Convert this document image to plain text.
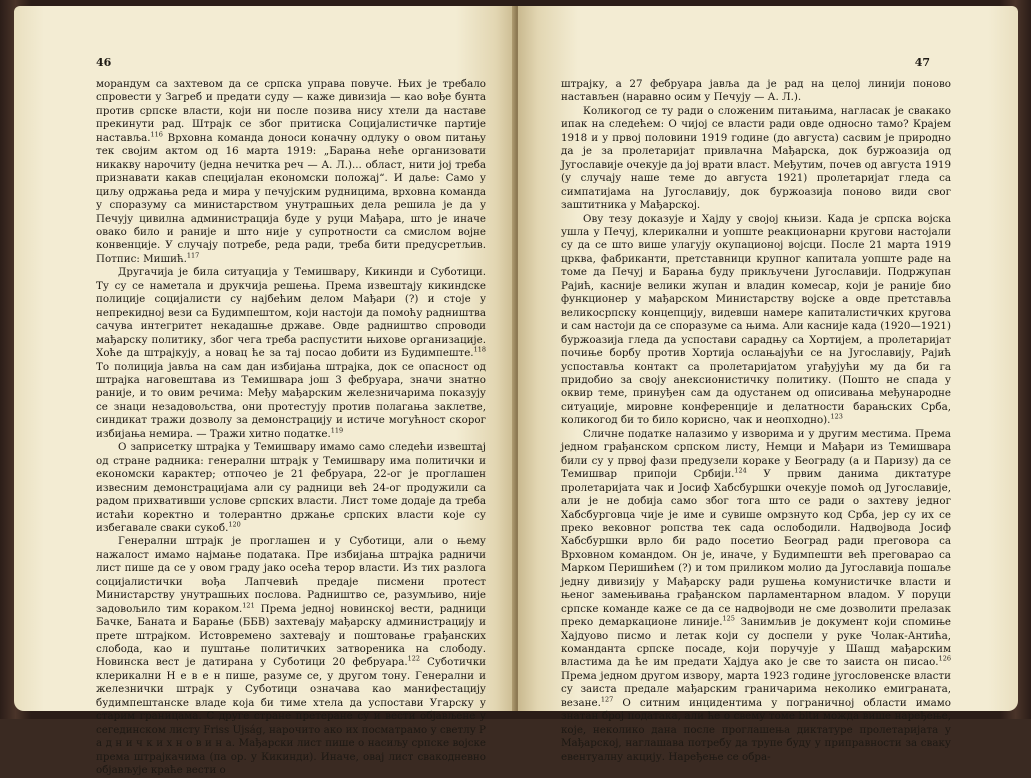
46

морандум са захтевом да се српска управа повуче. Њих је требало спровести у Загреб и предати суду — каже дивизија — као вође бунта против српске власти, који ни после позива нису хтели да наставе прекинути рад. Штрајк се због притиска Социјалистичке партије наставља.$^{116}$ Врховна команда доноси коначну одлуку о овом питању тек својим актом од 16 марта 1919: „Барања неће организовати никакву нарочиту (једна нечитка реч — А. Л.)... област, нити јој треба признавати какав специјалан економски положај“. И даље: Само у циљу одржања реда и мира у печујским рудницима, врховна команда у споразуму са министарством унутрашњих дела решила је да у Печују цивилна администрација буде у руци Мађара, што је иначе овако било и раније и што није у супротности са смислом војне конвенције. У случају потребе, реда ради, треба бити предусретљив. Потпис: Мишић.$^{117}$

Другачија је била ситуација у Темишвару, Кикинди и Суботици. Ту су се наметала и друкчија решења. Према извештају кикиндске полиције социјалисти су најбећим делом Мађари (?) и стоје у непрекидној вези са Будимпештом, који настоји да помоћу радништва сачува интегритет некадашње државе. Овде радништво спроводи мађарску политику, због чега треба распустити њихове организације. Хоће да штрајкују, а новац ће за тај посао добити из Будимпеште.$^{118}$ То полиција јавља на сам дан избијања штрајка, док се опасност од штрајка наговештава из Темишвара још 3 фебруара, значи знатно раније, и то овим речима: Међу мађарским железничарима показују се знаци незадовољства, они протестују против полагања заклетве, синдикат тражи дозволу за демонстрацију и истиче могућност скорог избијања немира. — Тражи хитно податке.$^{119}$

О заприсетку штрајка у Темишвару имамо само следећи извештај од стране радника: генерални штрајк у Темишвару има политички и економски карактер; отпочео је 21 фебруара, 22-ог је проглашен извесним демонстрацијама али су радници већ 24-ог продужили са радом прихвативши услове српских власти. Лист томе додаје да треба истаћи коректно и толерантно држање српских власти које су избегавале сваки сукоб.$^{120}$

Генерални штрајк је проглашен и у Суботици, али о њему нажалост имамо најмање података. Пре избијања штрајка радничи лист пише да се у овом граду јако осећа терор власти. Из тих разлога социјалистички вођа Лапчевић предаје писмени протест Министарству унутрашњих послова. Радништво се, разумљиво, није задовољило тим кораком.$^{121}$ Према једној новинској вести, радници Бачке, Баната и Барање (ББВ) захтевају мађарску администрацију и прете штрајком. Истовремено захтевају и поштовање грађанских слобода, као и пуштање политичких затвореника на слободу. Новинска вест је датирана у Суботици 20 фебруара.$^{122}$ Суботички клерикални Н е в е н пише, разуме се, у другом тону. Генерални и железнички штрајк у Суботици означава као манифестацију будимпештанске владе која би тиме хтела да успостави Угарску у старим границама. С друге стране претеране су и вести објављене у сегединском листу Friss Ujság, нарочито ако их посматрамо у светлу Р а д н и ч к и х н о в и н а. Мађарски лист пише о насиљу српске војске према штрајкачима (па ор. у Кикинди). Иначе, овај лист свакодневно објављује краће вести о

47

штрајку, а 27 фебруара јавља да је рад на целој линији поново настављен (наравно осим у Печују — А. Л.).

Коликогод се ту ради о сложеним питањима, наглaсак је свакако ипак на следећем: О чијој се власти ради овде односно тамо? Крајем 1918 и у првој половини 1919 године (до августа) сасвим је природно да је за пролетаријат привлачна Мађарска, док буржоазија од Југославије очекује да јој врати власт. Међутим, почев од августа 1919 (у случају наше теме до августа 1921) пролетаријат гледа са симпатијама на Југославију, док буржоазија поново види свог заштитника у Мађарској.

Ову тезу доказује и Хајду у својој књизи. Када је српска војска ушла у Печуј, клерикални и уопште реакционарни кругови настојали су да се што више улагују окупационој војсци. После 21 марта 1919 црква, фабриканти, претставници крупног капитала уопште раде на томе да Печуј и Барања буду прикључени Југославији. Подржупан Рајић, касније велики жупан и владин комесар, који је раније био функционер у мађарском Министарству војске а овде претставља великосрпску концепцију, видевши намере капиталистичких кругова и сам настоји да се споразуме са њима. Али касније када (1920—1921) буржоазија гледа да успостави сарадњу са Хортијем, а пролетаријат почиње борбу против Хортија ослањајући се на Југославију, Рајић успоставља контакт са пролетаријатом угађујући му да би га придобио за своју анексионистичку политику. (Пошто не спада у оквир теме, принуђен сам да одустанем од описивања међународне ситуације, мировне конференције и делатности барањских Срба, коликогод би то било корисно, чак и неопходно).$^{123}$

Сличне податке налазимо у изворима и у другим местима. Према једном грађанском српском листу, Немци и Мађари из Темишвара били су у првој фази предузели кораке у Београду (а и Паризу) да се Темишвар припоји Србији.$^{124}$ У првим данима диктатуре пролетаријата чак и Јосиф Хабсбуршки очекује помоћ од Југославије, али је не добија само због тога што се ради о захтеву једног Хабсбурговца чије је име и сувише омрзнуто код Срба, јер су их се преко вековног ропства тек сада ослободили. Надвојвода Јосиф Хабсбуршки врло би радо посетио Београд ради преговора са Врховном командом. Он је, иначе, у Будимпешти већ преговарао са Марком Перишићем (?) и том приликом молио да Југославија пошаље једну дивизију у Мађарску ради рушења комунистичке власти и њеног замењивања грађанском парламентарном владом. У поруци српске команде каже се да се надвојводи не сме дозволити прелазак преко демаркационе линије.$^{125}$ Занимљив је документ који спомиње Хајдуово писмо и летак који су доспели у руке Чолак-Антића, команданта српске посаде, који поручује у Шашд мађарским властима да ће им предати Хајдуа ако је све то заиста он писао.$^{126}$ Према једном другом извору, марта 1923 године југословенске власти су заиста предале мађарским граничарима неколико емиграната, везане.$^{127}$ О ситним инцидентима у пограничној области имамо знатан број података, али ће о свему томе bitи можда више наређење, које, неколико дана после проглашења диктатуре пролетаријата у Мађарској, наглашава потребу да трупе буду у приправности за сваку евентуалну акцију. Наређење се обра-
